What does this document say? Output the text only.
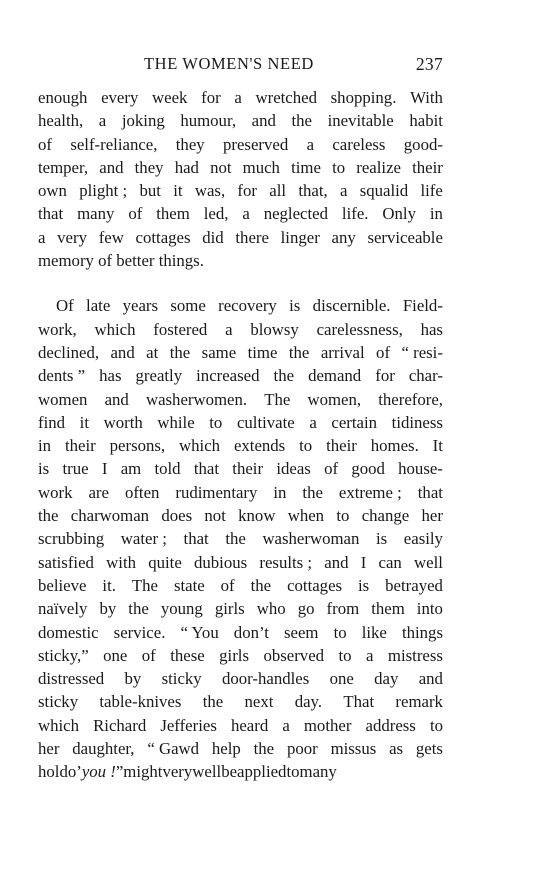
THE WOMEN'S NEED	237
enough every week for a wretched shopping. With
health, a joking humour, and the inevitable habit
of self-reliance, they preserved a careless good-
temper, and they had not much time to realize their
own plight ; but it was, for all that, a squalid life
that many of them led, a neglected life. Only in
a very few cottages did there linger any serviceable
memory of better things.
Of late years some recovery is discernible. Field-
work, which fostered a blowsy carelessness, has
declined, and at the same time the arrival of “ resi-
dents ” has greatly increased the demand for char-
women and washerwomen. The women, therefore,
find it worth while to cultivate a certain tidiness
in their persons, which extends to their homes. It
is true I am told that their ideas of good house-
work are often rudimentary in the extreme ; that
the charwoman does not know when to change her
scrubbing water ; that the washerwoman is easily
satisfied with quite dubious results ; and I can well
believe it. The state of the cottages is betrayed
naïvely by the young girls who go from them into
domestic service. “ You don’t seem to like things
sticky,” one of these girls observed to a mistress
distressed by sticky door-handles one day and
sticky table-knives the next day. That remark
which Richard Jefferies heard a mother address to
her daughter, “ Gawd help the poor missus as gets
hold o’ you !” might very well be applied to many
